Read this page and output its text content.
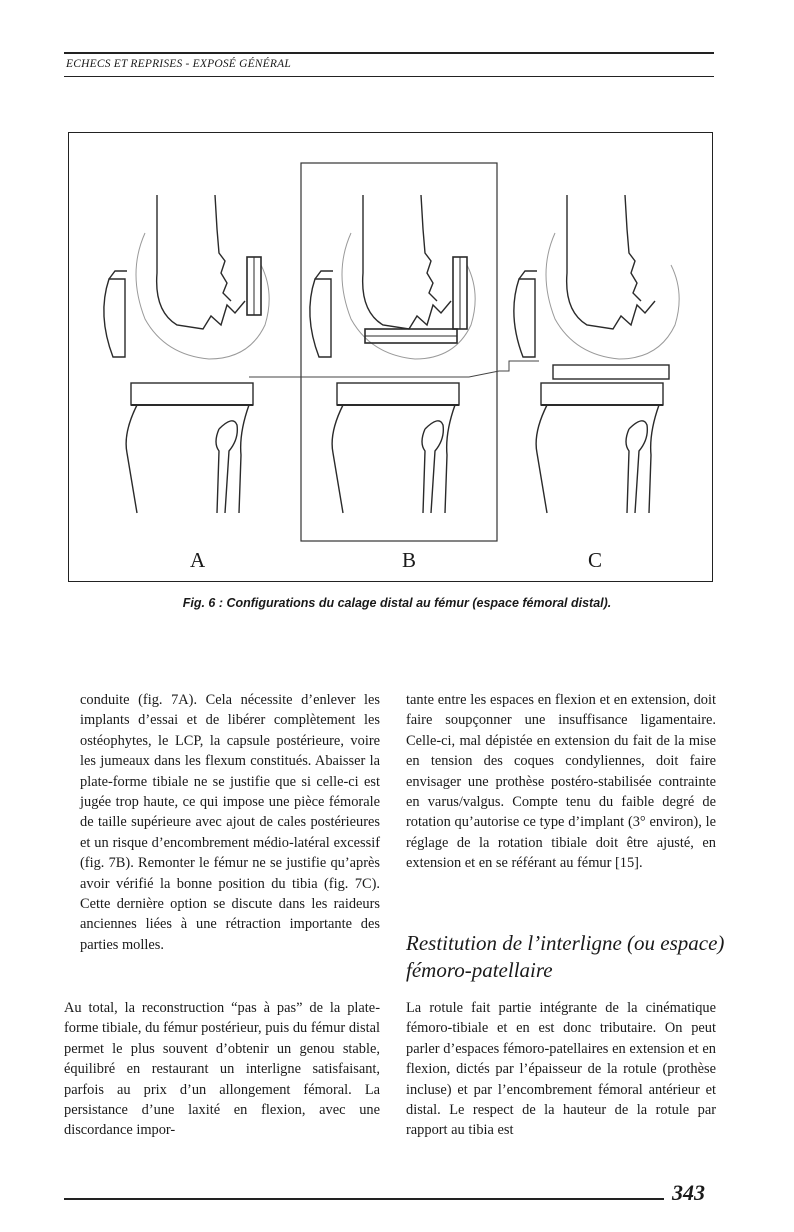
ECHECS ET REPRISES - EXPOSÉ GÉNÉRAL
A	B	C
Fig. 6 : Configurations du calage distal au fémur (espace fémoral distal).

conduite (fig. 7A). Cela nécessite d’enlever les implants d’essai et de libérer complètement les ostéophytes, le LCP, la capsule postérieure, voire les jumeaux dans les flexum constitués. Abaisser la plate-forme tibiale ne se justifie que si celle-ci est jugée trop haute, ce qui impose une pièce fémorale de taille supérieure avec ajout de cales postérieures et un risque d’encombrement médio-latéral excessif (fig. 7B). Remonter le fémur ne se justifie qu’après avoir vérifié la bonne position du tibia (fig. 7C). Cette dernière option se discute dans les raideurs anciennes liées à une rétraction importante des parties molles.

Au total, la reconstruction “pas à pas” de la plate-forme tibiale, du fémur postérieur, puis du fémur distal permet le plus souvent d’obtenir un genou stable, équilibré en restaurant un interligne satisfaisant, parfois au prix d’un allongement fémoral. La persistance d’une laxité en flexion, avec une discordance impor-

tante entre les espaces en flexion et en extension, doit faire soupçonner une insuffisance ligamentaire. Celle-ci, mal dépistée en extension du fait de la mise en tension des coques condyliennes, doit faire envisager une prothèse postéro-stabilisée contrainte en varus/valgus. Compte tenu du faible degré de rotation qu’autorise ce type d’implant (3° environ), le réglage de la rotation tibiale doit être ajusté, en extension et en se référant au fémur [15].

Restitution de l’interligne (ou espace) fémoro-patellaire

La rotule fait partie intégrante de la cinématique fémoro-tibiale et en est donc tributaire. On peut parler d’espaces fémoro-patellaires en extension et en flexion, dictés par l’épaisseur de la rotule (prothèse incluse) et par l’encombrement fémoral antérieur et distal. Le respect de la hauteur de la rotule par rapport au tibia est

343
